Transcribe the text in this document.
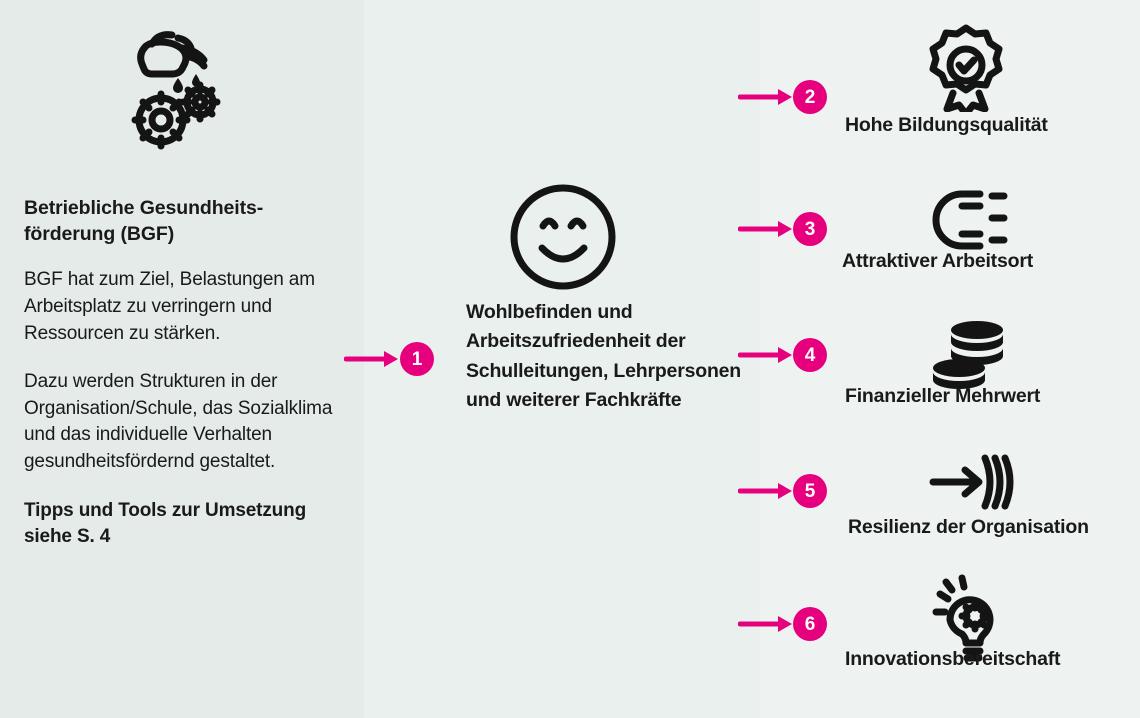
Betriebliche Gesundheits-
förderung (BGF)

BGF hat zum Ziel, Belastungen am Arbeitsplatz zu verringern und Ressourcen zu stärken.

Dazu werden Strukturen in der Organisation/Schule, das Sozialklima und das individuelle Verhalten gesundheitsfördernd gestaltet.

Tipps und Tools zur Umsetzung siehe S. 4

1
Wohlbefinden und Arbeitszufriedenheit der Schulleitungen, Lehrpersonen und weiterer Fachkräfte
2
Hohe Bildungsqualität
3
Attraktiver Arbeitsort
4
Finanzieller Mehrwert
5
Resilienz der Organisation
6
Innovationsbereitschaft
